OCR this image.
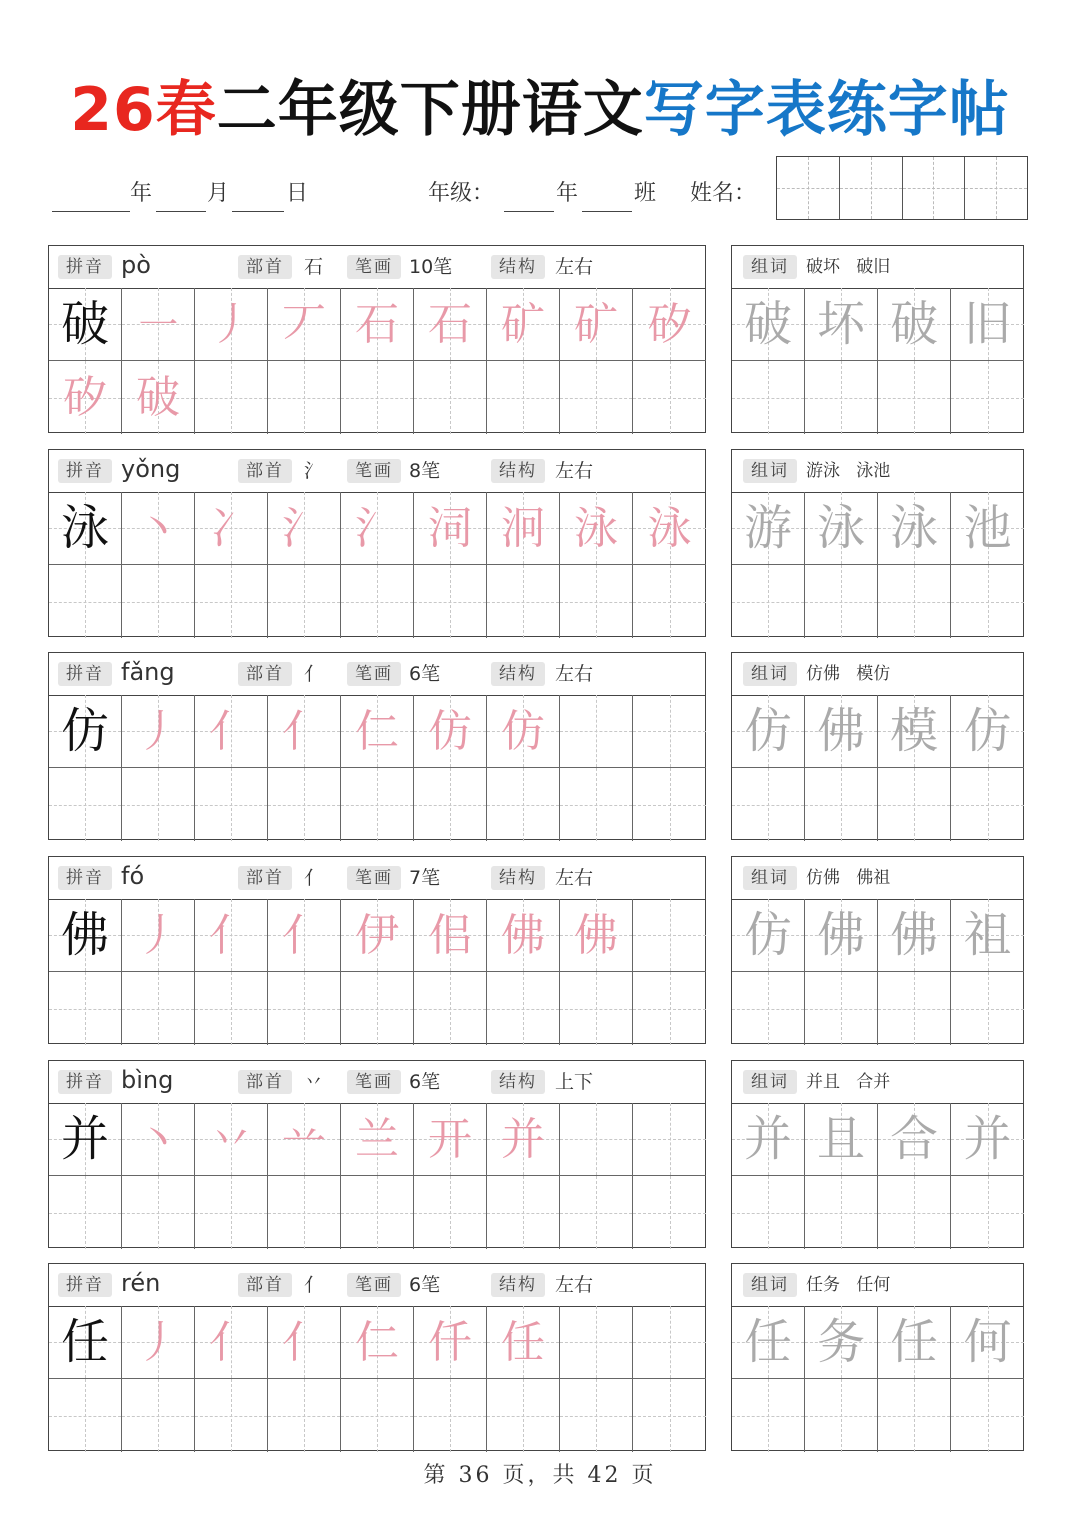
26春二年级下册语文写字表练字帖
年 月	日	年级：	年	班 姓名：
拼音 pò	部首	石	笔画 10笔	结构 左右
破 ㇐ 丿 丆 石 石 矿 矿 矽
矽 破
组词	破坏   破旧
破 坏 破 旧
拼音 yǒng	部首	氵	笔画 8笔	结构 左右
泳 丶 冫 氵 氵 泀 泂 泳 泳
组词	游泳   泳池
游 泳 泳 池
拼音 fǎng	部首	亻	笔画 6笔	结构 左右
仿 丿 亻 亻 仁 仿 仿
组词	仿佛   模仿
仿 佛 模 仿
拼音 fó	部首	亻	笔画 7笔	结构 左右
佛 丿 亻 亻 伊 佀 佛 佛
组词	仿佛   佛祖
仿 佛 佛 祖
拼音 bìng	部首	丷	笔画 6笔	结构 上下
并 丶 丷 䒑 兰 开 并
组词	并且   合并
并 且 合 并
拼音 rén	部首	亻	笔画 6笔	结构 左右
任 丿 亻 亻 仁 仟 任
组词	任务   任何
任 务 任 何
第 36 页，共 42 页
